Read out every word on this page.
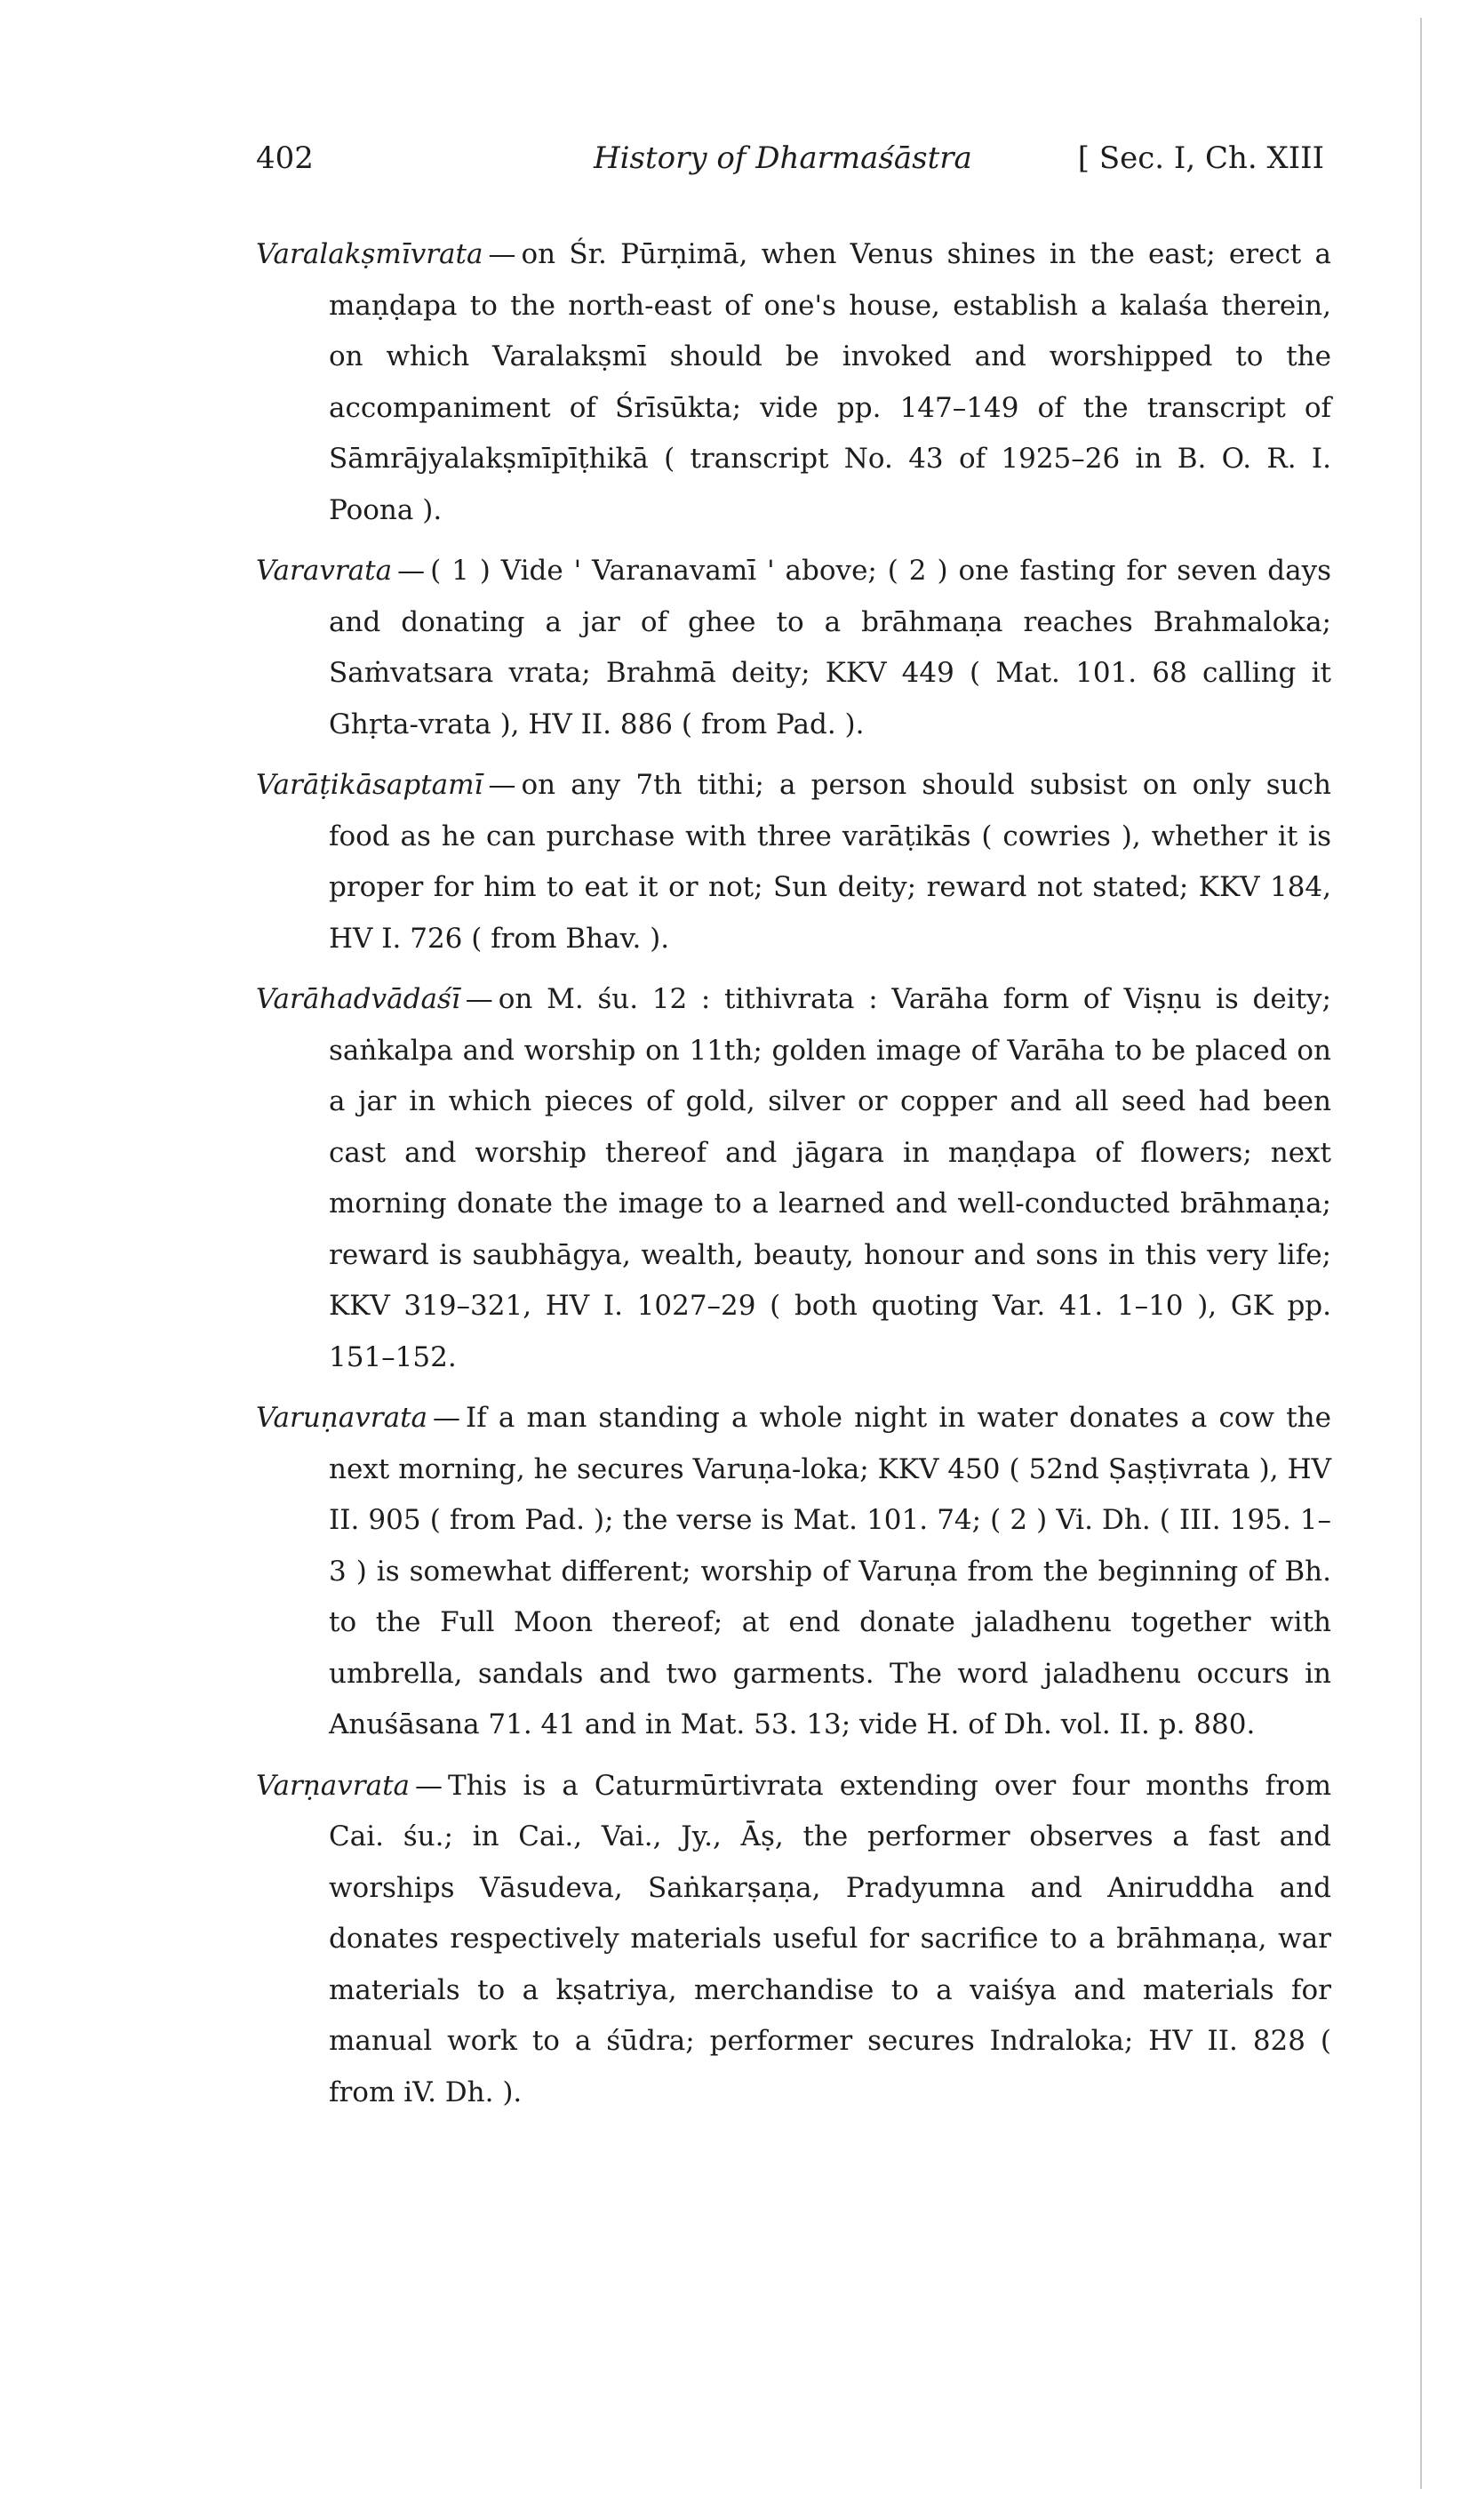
402	History of Dharmaśāstra	[ Sec. I, Ch. XIII

Varalakṣmīvrata — on Śr. Pūrṇimā, when Venus shines in the east; erect a maṇḍapa to the north-east of one's house, establish a kalaśa therein, on which Varalakṣmī should be invoked and worshipped to the accompaniment of Śrīsūkta; vide pp. 147–149 of the transcript of Sāmrājyalakṣmīpīṭhikā ( transcript No. 43 of 1925–26 in B. O. R. I. Poona ).

Varavrata — ( 1 ) Vide ' Varanavamī ' above; ( 2 ) one fasting for seven days and donating a jar of ghee to a brāhmaṇa reaches Brahmaloka; Saṁvatsara vrata; Brahmā deity; KKV 449 ( Mat. 101. 68 calling it Ghṛta-vrata ), HV II. 886 ( from Pad. ).

Varāṭikāsaptamī — on any 7th tithi; a person should subsist on only such food as he can purchase with three varāṭikās ( cowries ), whether it is proper for him to eat it or not; Sun deity; reward not stated; KKV 184, HV I. 726 ( from Bhav. ).

Varāhadvādaśī — on M. śu. 12 : tithivrata : Varāha form of Viṣṇu is deity; saṅkalpa and worship on 11th; golden image of Varāha to be placed on a jar in which pieces of gold, silver or copper and all seed had been cast and worship thereof and jāgara in maṇḍapa of flowers; next morning donate the image to a learned and well-conducted brāhmaṇa; reward is saubhāgya, wealth, beauty, honour and sons in this very life; KKV 319–321, HV I. 1027–29 ( both quoting Var. 41. 1–10 ), GK pp. 151–152.

Varuṇavrata — If a man standing a whole night in water donates a cow the next morning, he secures Varuṇa-loka; KKV 450 ( 52nd Ṣaṣṭivrata ), HV II. 905 ( from Pad. ); the verse is Mat. 101. 74; ( 2 ) Vi. Dh. ( III. 195. 1–3 ) is somewhat different; worship of Varuṇa from the beginning of Bh. to the Full Moon thereof; at end donate jaladhenu together with umbrella, sandals and two garments. The word jaladhenu occurs in Anuśāsana 71. 41 and in Mat. 53. 13; vide H. of Dh. vol. II. p. 880.

Varṇavrata — This is a Caturmūrtivrata extending over four months from Cai. śu.; in Cai., Vai., Jy., Āṣ, the performer observes a fast and worships Vāsudeva, Saṅkarṣaṇa, Pradyumna and Aniruddha and donates respectively materials useful for sacrifice to a brāhmaṇa, war materials to a kṣatriya, merchandise to a vaiśya and materials for manual work to a śūdra; performer secures Indraloka; HV II. 828 ( from iV. Dh. ).
